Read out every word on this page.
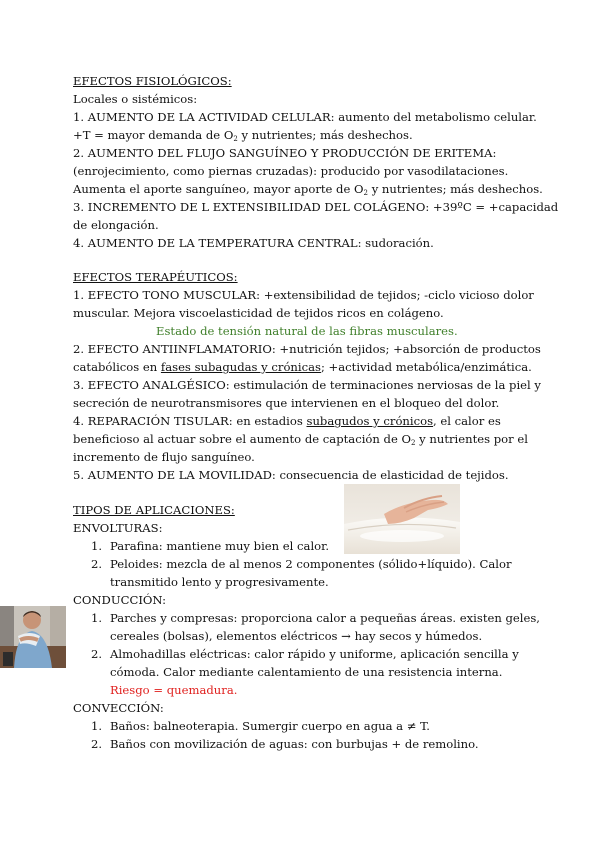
EFECTOS FISIOLÓGICOS:
Locales o sistémicos:
1. AUMENTO DE LA ACTIVIDAD CELULAR: aumento del metabolismo celular.
+T = mayor demanda de $O_2$ y nutrientes; más deshechos.
2. AUMENTO DEL FLUJO SANGUÍNEO Y PRODUCCIÓN DE ERITEMA:
(enrojecimiento, como piernas cruzadas): producido por vasodilataciones.
Aumenta el aporte sanguíneo, mayor aporte de $O_2$ y nutrientes; más deshechos.
3. INCREMENTO DE L EXTENSIBILIDAD DEL COLÁGENO: +39ºC = +capacidad
de elongación.
4. AUMENTO DE LA TEMPERATURA CENTRAL: sudoración.
EFECTOS TERAPÉUTICOS:
1. EFECTO TONO MUSCULAR: +extensibilidad de tejidos; -ciclo vicioso dolor
muscular. Mejora viscoelasticidad de tejidos ricos en colágeno.
Estado de tensión natural de las fibras musculares.
2. EFECTO ANTIINFLAMATORIO: +nutrición tejidos; +absorción de productos
catabólicos en fases subagudas y crónicas; +actividad metabólica/enzimática.
3. EFECTO ANALGÉSICO: estimulación de terminaciones nerviosas de la piel y
secreción de neurotransmisores que intervienen en el bloqueo del dolor.
4. REPARACIÓN TISULAR: en estadios subagudos y crónicos, el calor es
beneficioso al actuar sobre el aumento de captación de $O_2$ y nutrientes por el
incremento de flujo sanguíneo.
5. AUMENTO DE LA MOVILIDAD: consecuencia de elasticidad de tejidos.
TIPOS DE APLICACIONES:
ENVOLTURAS:
1. Parafina: mantiene muy bien el calor.
2. Peloides: mezcla de al menos 2 componentes (sólido+líquido). Calor
transmitido lento y progresivamente.
CONDUCCIÓN:
1. Parches y compresas: proporciona calor a pequeñas áreas. existen geles,
cereales (bolsas), elementos eléctricos → hay secos y húmedos.
2. Almohadillas eléctricas: calor rápido y uniforme, aplicación sencilla y
cómoda. Calor mediante calentamiento de una resistencia interna.
Riesgo = quemadura.
CONVECCIÓN:
1. Baños: balneoterapia. Sumergir cuerpo en agua a ≠ T.
2. Baños con movilización de aguas: con burbujas + de remolino.
